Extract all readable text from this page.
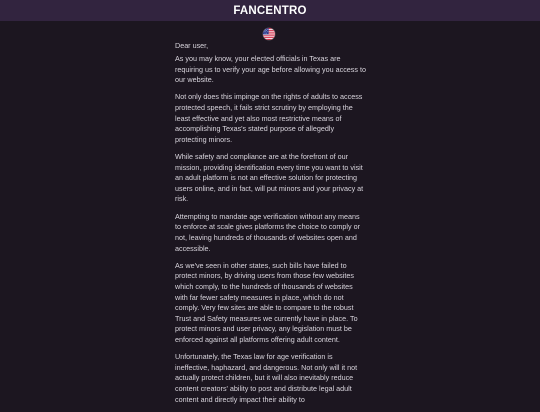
FANCENTRO

Dear user,

As you may know, your elected officials in Texas are requiring us to verify your age before allowing you access to our website.

Not only does this impinge on the rights of adults to access protected speech, it fails strict scrutiny by employing the least effective and yet also most restrictive means of accomplishing Texas's stated purpose of allegedly protecting minors.

While safety and compliance are at the forefront of our mission, providing identification every time you want to visit an adult platform is not an effective solution for protecting users online, and in fact, will put minors and your privacy at risk.

Attempting to mandate age verification without any means to enforce at scale gives platforms the choice to comply or not, leaving hundreds of thousands of websites open and accessible.

As we've seen in other states, such bills have failed to protect minors, by driving users from those few websites which comply, to the hundreds of thousands of websites with far fewer safety measures in place, which do not comply. Very few sites are able to compare to the robust Trust and Safety measures we currently have in place. To protect minors and user privacy, any legislation must be enforced against all platforms offering adult content.

Unfortunately, the Texas law for age verification is ineffective, haphazard, and dangerous. Not only will it not actually protect children, but it will also inevitably reduce content creators' ability to post and distribute legal adult content and directly impact their ability to
